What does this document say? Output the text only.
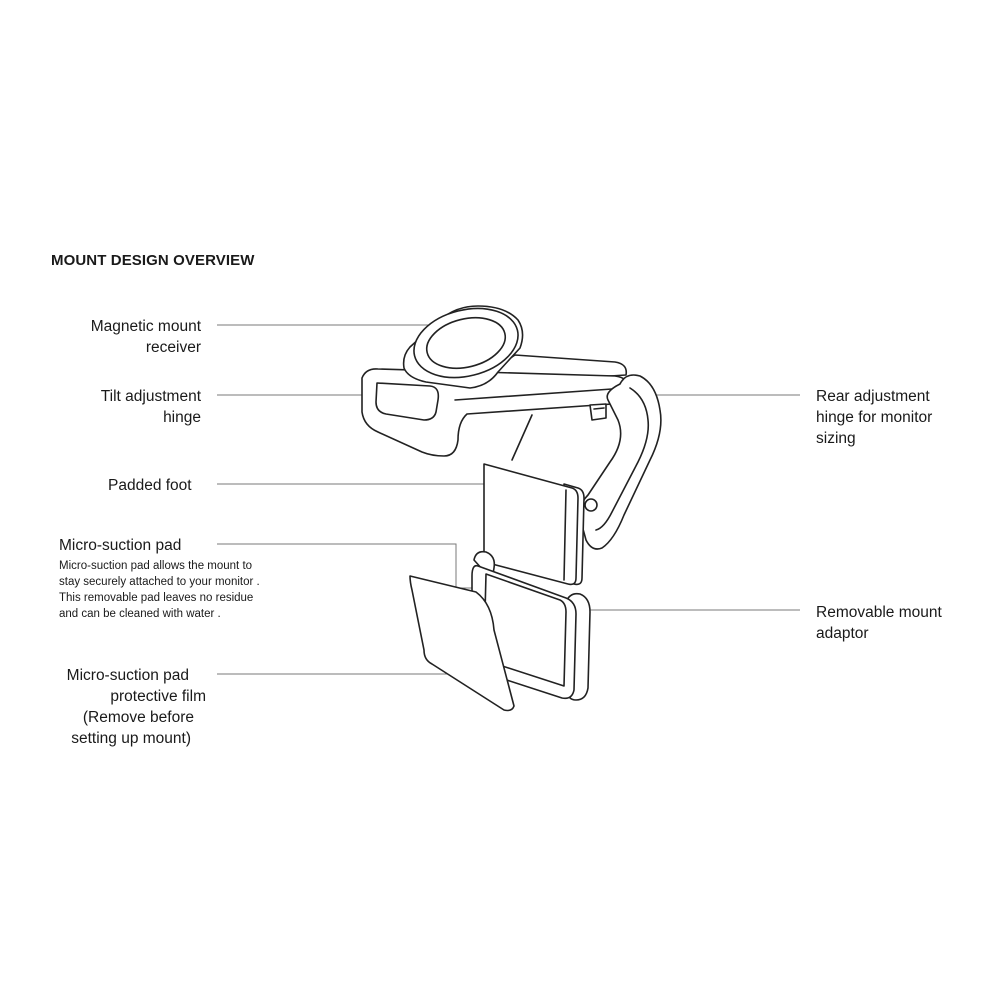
MOUNT DESIGN OVERVIEW
Magnetic mount
receiver
Tilt adjustment
hinge
Padded foot
Micro-suction pad
Micro-suction pad allows the mount to
stay securely attached to your monitor .
This removable pad leaves no residue
and can be cleaned with water .
Micro-suction pad
protective film
(Remove before
setting up mount)
Rear adjustment
hinge for monitor
sizing
Removable mount
adaptor
